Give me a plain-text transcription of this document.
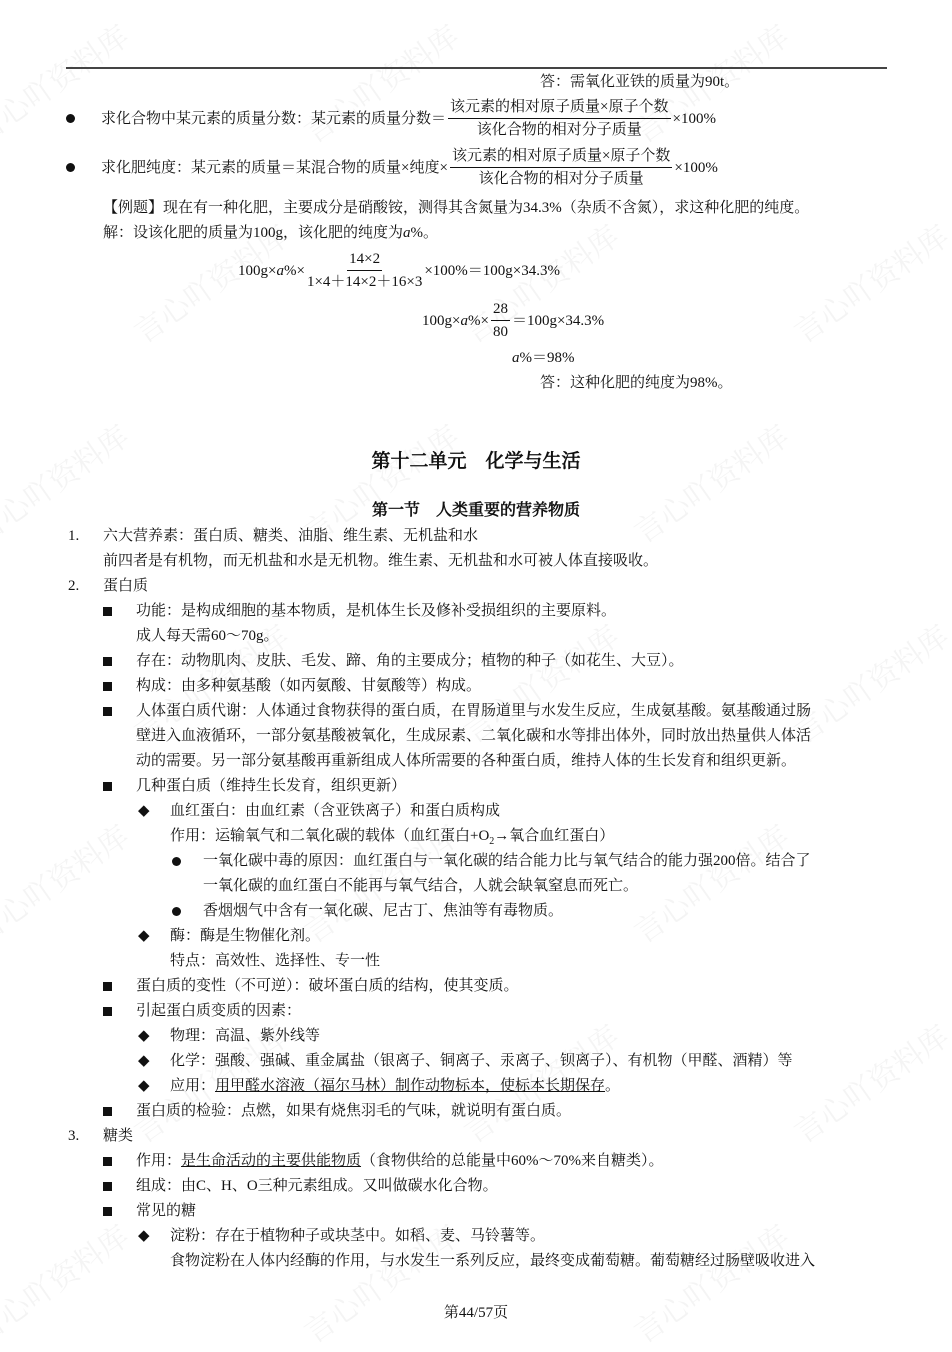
答：需氧化亚铁的质量为90t。
求化合物中某元素的质量分数： 某元素的质量分数＝ $\frac{\text{该元素的相对原子质量×原子个数}}{\text{该化合物的相对分子质量}} \times 100\%$
求化肥纯度： 某元素的质量＝某混合物的质量×纯度× $\frac{\text{该元素的相对原子质量×原子个数}}{\text{该化合物的相对分子质量}} \times 100\%$
【例题】现在有一种化肥，主要成分是硝酸铵，测得其含氮量为34.3%（杂质不含氮），求这种化肥的纯度。
解：设该化肥的质量为100g，该化肥的纯度为a%。
100g× a %× $\frac{14\times 2}{1\times 4+14\times 2+16\times 3} \times 100\%=100g\times 34.3\%$
100g× a %× $\frac{28}{80} =100g\times 34.3\%$
a%＝98%
答：这种化肥的纯度为98%。
第十二单元　化学与生活
第一节　人类重要的营养物质
1. 六大营养素：蛋白质、糖类、油脂、维生素、无机盐和水
前四者是有机物，而无机盐和水是无机物。维生素、无机盐和水可被人体直接吸收。
2. 蛋白质
功能：是构成细胞的基本物质，是机体生长及修补受损组织的主要原料。
成人每天需60～70g。
存在：动物肌肉、皮肤、毛发、蹄、角的主要成分；植物的种子（如花生、大豆）。
构成：由多种氨基酸（如丙氨酸、甘氨酸等）构成。
人体蛋白质代谢：人体通过食物获得的蛋白质，在胃肠道里与水发生反应，生成氨基酸。氨基酸通过肠
壁进入血液循环，一部分氨基酸被氧化，生成尿素、二氧化碳和水等排出体外，同时放出热量供人体活
动的需要。另一部分氨基酸再重新组成人体所需要的各种蛋白质，维持人体的生长发育和组织更新。
几种蛋白质（维持生长发育，组织更新）
◆ 血红蛋白：由血红素（含亚铁离子）和蛋白质构成
作用：运输氧气和二氧化碳的载体（血红蛋白$+O_2\to$氧合血红蛋白）
一氧化碳中毒的原因：血红蛋白与一氧化碳的结合能力比与氧气结合的能力强200倍。结合了
一氧化碳的血红蛋白不能再与氧气结合，人就会缺氧窒息而死亡。
香烟烟气中含有一氧化碳、尼古丁、焦油等有毒物质。
◆ 酶：酶是生物催化剂。
特点：高效性、选择性、专一性
蛋白质的变性（不可逆）：破坏蛋白质的结构，使其变质。
引起蛋白质变质的因素：
◆ 物理：高温、紫外线等
◆ 化学：强酸、强碱、重金属盐（银离子、铜离子、汞离子、钡离子）、有机物（甲醛、酒精）等
◆ 应用：用甲醛水溶液（福尔马林）制作动物标本，使标本长期保存。
蛋白质的检验：点燃，如果有烧焦羽毛的气味，就说明有蛋白质。
3. 糖类
作用：是生命活动的主要供能物质（食物供给的总能量中60%～70%来自糖类）。
组成：由C、H、O三种元素组成。又叫做碳水化合物。
常见的糖
◆ 淀粉：存在于植物种子或块茎中。如稻、麦、马铃薯等。
食物淀粉在人体内经酶的作用，与水发生一系列反应，最终变成葡萄糖。葡萄糖经过肠壁吸收进入
第44/57页
